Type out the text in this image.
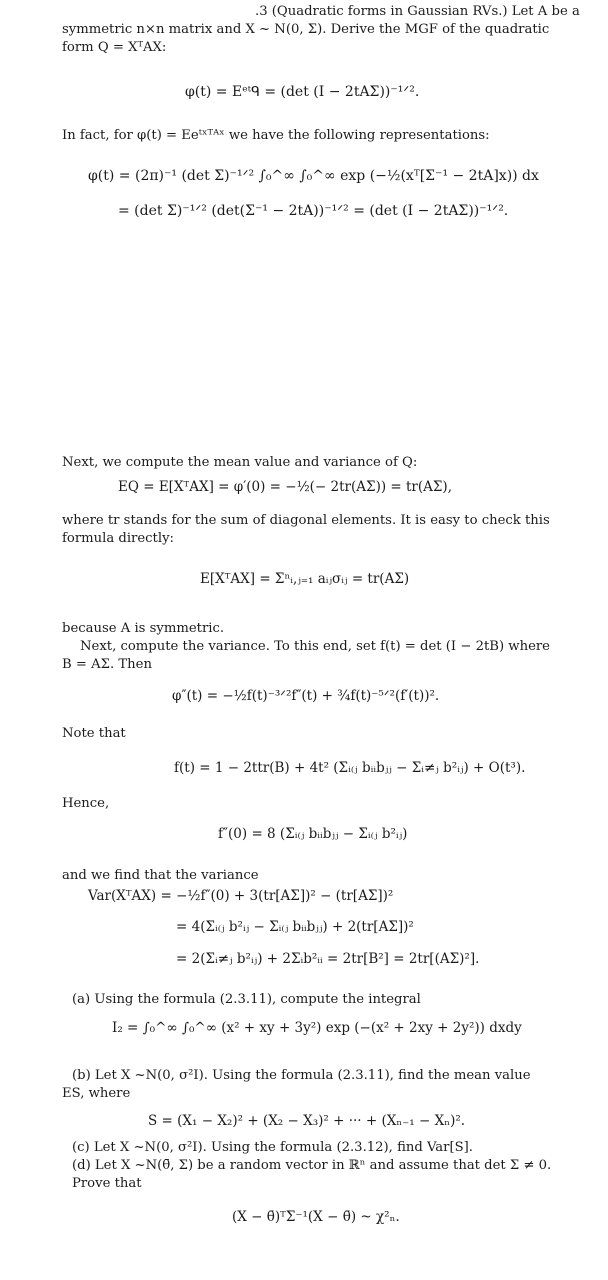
.3 (Quadratic forms in Gaussian RVs.) Let A be a
symmetric n×n matrix and X ~ N(0, Σ). Derive the MGF of the quadratic
form Q = XᵀAX:
φ(t) = Eᵉᵗᑫ = (det (I − 2tAΣ))⁻¹ᐟ².
In fact, for φ(t) = Eeᵗˣᵀᴬˣ we have the following representations:
φ(t) = (2π)⁻¹ (det Σ)⁻¹ᐟ² ∫₀^∞ ∫₀^∞ exp (−½(xᵀ[Σ⁻¹ − 2tA]x)) dx
= (det Σ)⁻¹ᐟ² (det(Σ⁻¹ − 2tA))⁻¹ᐟ² = (det (I − 2tAΣ))⁻¹ᐟ².
Next, we compute the mean value and variance of Q:
EQ = E[XᵀAX] = φ′(0) = −½(− 2tr(AΣ)) = tr(AΣ),
where tr stands for the sum of diagonal elements. It is easy to check this
formula directly:
E[XᵀAX] = Σⁿᵢ,ⱼ₌₁ aᵢⱼσᵢⱼ = tr(AΣ)
because A is symmetric.
Next, compute the variance. To this end, set f(t) = det (I − 2tB) where
B = AΣ. Then
φ″(t) = −½f(t)⁻³ᐟ²f″(t) + ¾f(t)⁻⁵ᐟ²(f′(t))².
Note that
f(t) = 1 − 2ttr(B) + 4t² (Σᵢ₍ⱼ bᵢᵢbⱼⱼ − Σᵢ≠ⱼ b²ᵢⱼ) + O(t³).
Hence,
f″(0) = 8 (Σᵢ₍ⱼ bᵢᵢbⱼⱼ − Σᵢ₍ⱼ b²ᵢⱼ)
and we find that the variance
Var(XᵀAX) = −½f″(0) + 3(tr[AΣ])² − (tr[AΣ])²
= 4(Σᵢ₍ⱼ b²ᵢⱼ − Σᵢ₍ⱼ bᵢᵢbⱼⱼ) + 2(tr[AΣ])²
= 2(Σᵢ≠ⱼ b²ᵢⱼ) + 2Σᵢb²ᵢᵢ = 2tr[B²] = 2tr[(AΣ)²].
(a) Using the formula (2.3.11), compute the integral
I₂ = ∫₀^∞ ∫₀^∞ (x² + xy + 3y²) exp (−(x² + 2xy + 2y²)) dxdy
(b) Let X ~N(0, σ²I). Using the formula (2.3.11), find the mean value
ES, where
S = (X₁ − X₂)² + (X₂ − X₃)² + ··· + (Xₙ₋₁ − Xₙ)².
(c) Let X ~N(0, σ²I). Using the formula (2.3.12), find Var[S].
(d) Let X ~N(θ̄, Σ) be a random vector in ℝⁿ and assume that det Σ ≠ 0.
Prove that
(X − θ̄)ᵀΣ⁻¹(X − θ̄) ~ χ²ₙ.
